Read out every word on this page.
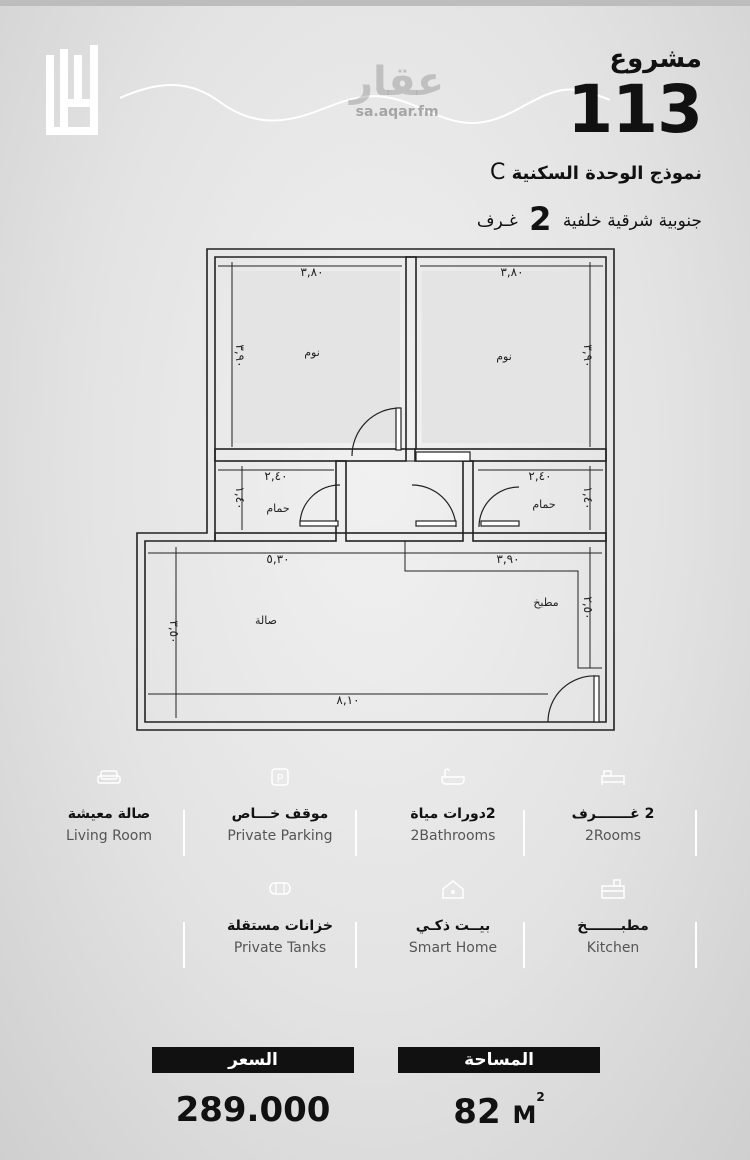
عقار
sa.aqar.fm
مشروع
113
نموذج الوحدة السكنية C
جنوبية شرقية خلفية 2 غـرف
٣,٨٠	٣,٨٠
٣,٩٠	٣,٩٠
٢,٤٠	٢,٤٠
١,٤٠	١,٤٠
٥,٣٠	٣,٩٠
٣,٥٠
٢,٥٠
٨,١٠
نوم	نوم
حمام	حمام
صالة
مطبخ
2 غـــــــرف
2Rooms
2دورات مياة
2Bathrooms
P
موقف خـــاص
Private Parking
صالة معيشة
Living Room
مطبـــــــخ
Kitchen
بيــت ذكـي
Smart Home
خزانات مستقلة
Private Tanks
المساحة
السعر
82 $M^2$
289.000
